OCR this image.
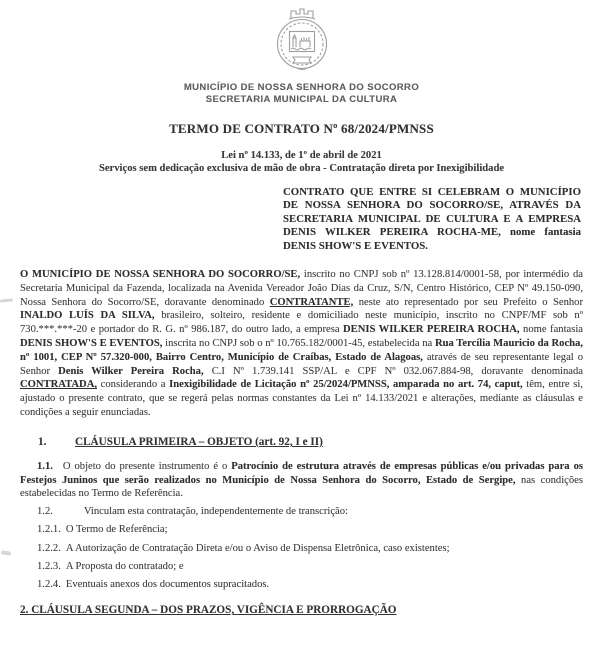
MUNICÍPIO DE NOSSA SENHORA DO SOCORRO
SECRETARIA MUNICIPAL DA CULTURA
TERMO DE CONTRATO Nº 68/2024/PMNSS
Lei nº 14.133, de 1º de abril de 2021
Serviços sem dedicação exclusiva de mão de obra - Contratação direta por Inexigibilidade
CONTRATO QUE ENTRE SI CELEBRAM O MUNICÍPIO DE NOSSA SENHORA DO SOCORRO/SE, ATRAVÉS DA SECRETARIA MUNICIPAL DE CULTURA E A EMPRESA DENIS WILKER PEREIRA ROCHA-ME, nome fantasia DENIS SHOW'S E EVENTOS.

O MUNICÍPIO DE NOSSA SENHORA DO SOCORRO/SE, inscrito no CNPJ sob nº 13.128.814/0001-58, por intermédio da Secretaria Municipal da Fazenda, localizada na Avenida Vereador João Dias da Cruz, S/N, Centro Histórico, CEP Nº 49.150-090, Nossa Senhora do Socorro/SE, doravante denominado CONTRATANTE, neste ato representado por seu Prefeito o Senhor INALDO LUÍS DA SILVA, brasileiro, solteiro, residente e domiciliado neste município, inscrito no CNPF/MF sob nº 730.***.***-20 e portador do R. G. nº 986.187, do outro lado, a empresa DENIS WILKER PEREIRA ROCHA, nome fantasia DENIS SHOW'S E EVENTOS, inscrita no CNPJ sob o nº 10.765.182/0001-45, estabelecida na Rua Tercília Mauricio da Rocha, nº 1001, CEP Nº 57.320-000, Bairro Centro, Município de Craíbas, Estado de Alagoas, através de seu representante legal o Senhor Denis Wilker Pereira Rocha, C.I Nº 1.739.141 SSP/AL e CPF Nº 032.067.884-98, doravante denominada CONTRATADA, considerando a Inexigibilidade de Licitação nº 25/2024/PMNSS, amparada no art. 74, caput, têm, entre si, ajustado o presente contrato, que se regerá pelas normas constantes da Lei nº 14.133/2021 e alterações, mediante as cláusulas e condições a seguir enunciadas.

1.	CLÁUSULA PRIMEIRA – OBJETO (art. 92, I e II)

1.1. O objeto do presente instrumento é o Patrocínio de estrutura através de empresas públicas e/ou privadas para os Festejos Juninos que serão realizados no Município de Nossa Senhora do Socorro, Estado de Sergipe, nas condições estabelecidas no Termo de Referência.

1.2.	Vinculam esta contratação, independentemente de transcrição:

1.2.1. O Termo de Referência;

1.2.2. A Autorização de Contratação Direta e/ou o Aviso de Dispensa Eletrônica, caso existentes;

1.2.3. A Proposta do contratado; e

1.2.4. Eventuais anexos dos documentos supracitados.

2. CLÁUSULA SEGUNDA – DOS PRAZOS, VIGÊNCIA E PRORROGAÇÃO
